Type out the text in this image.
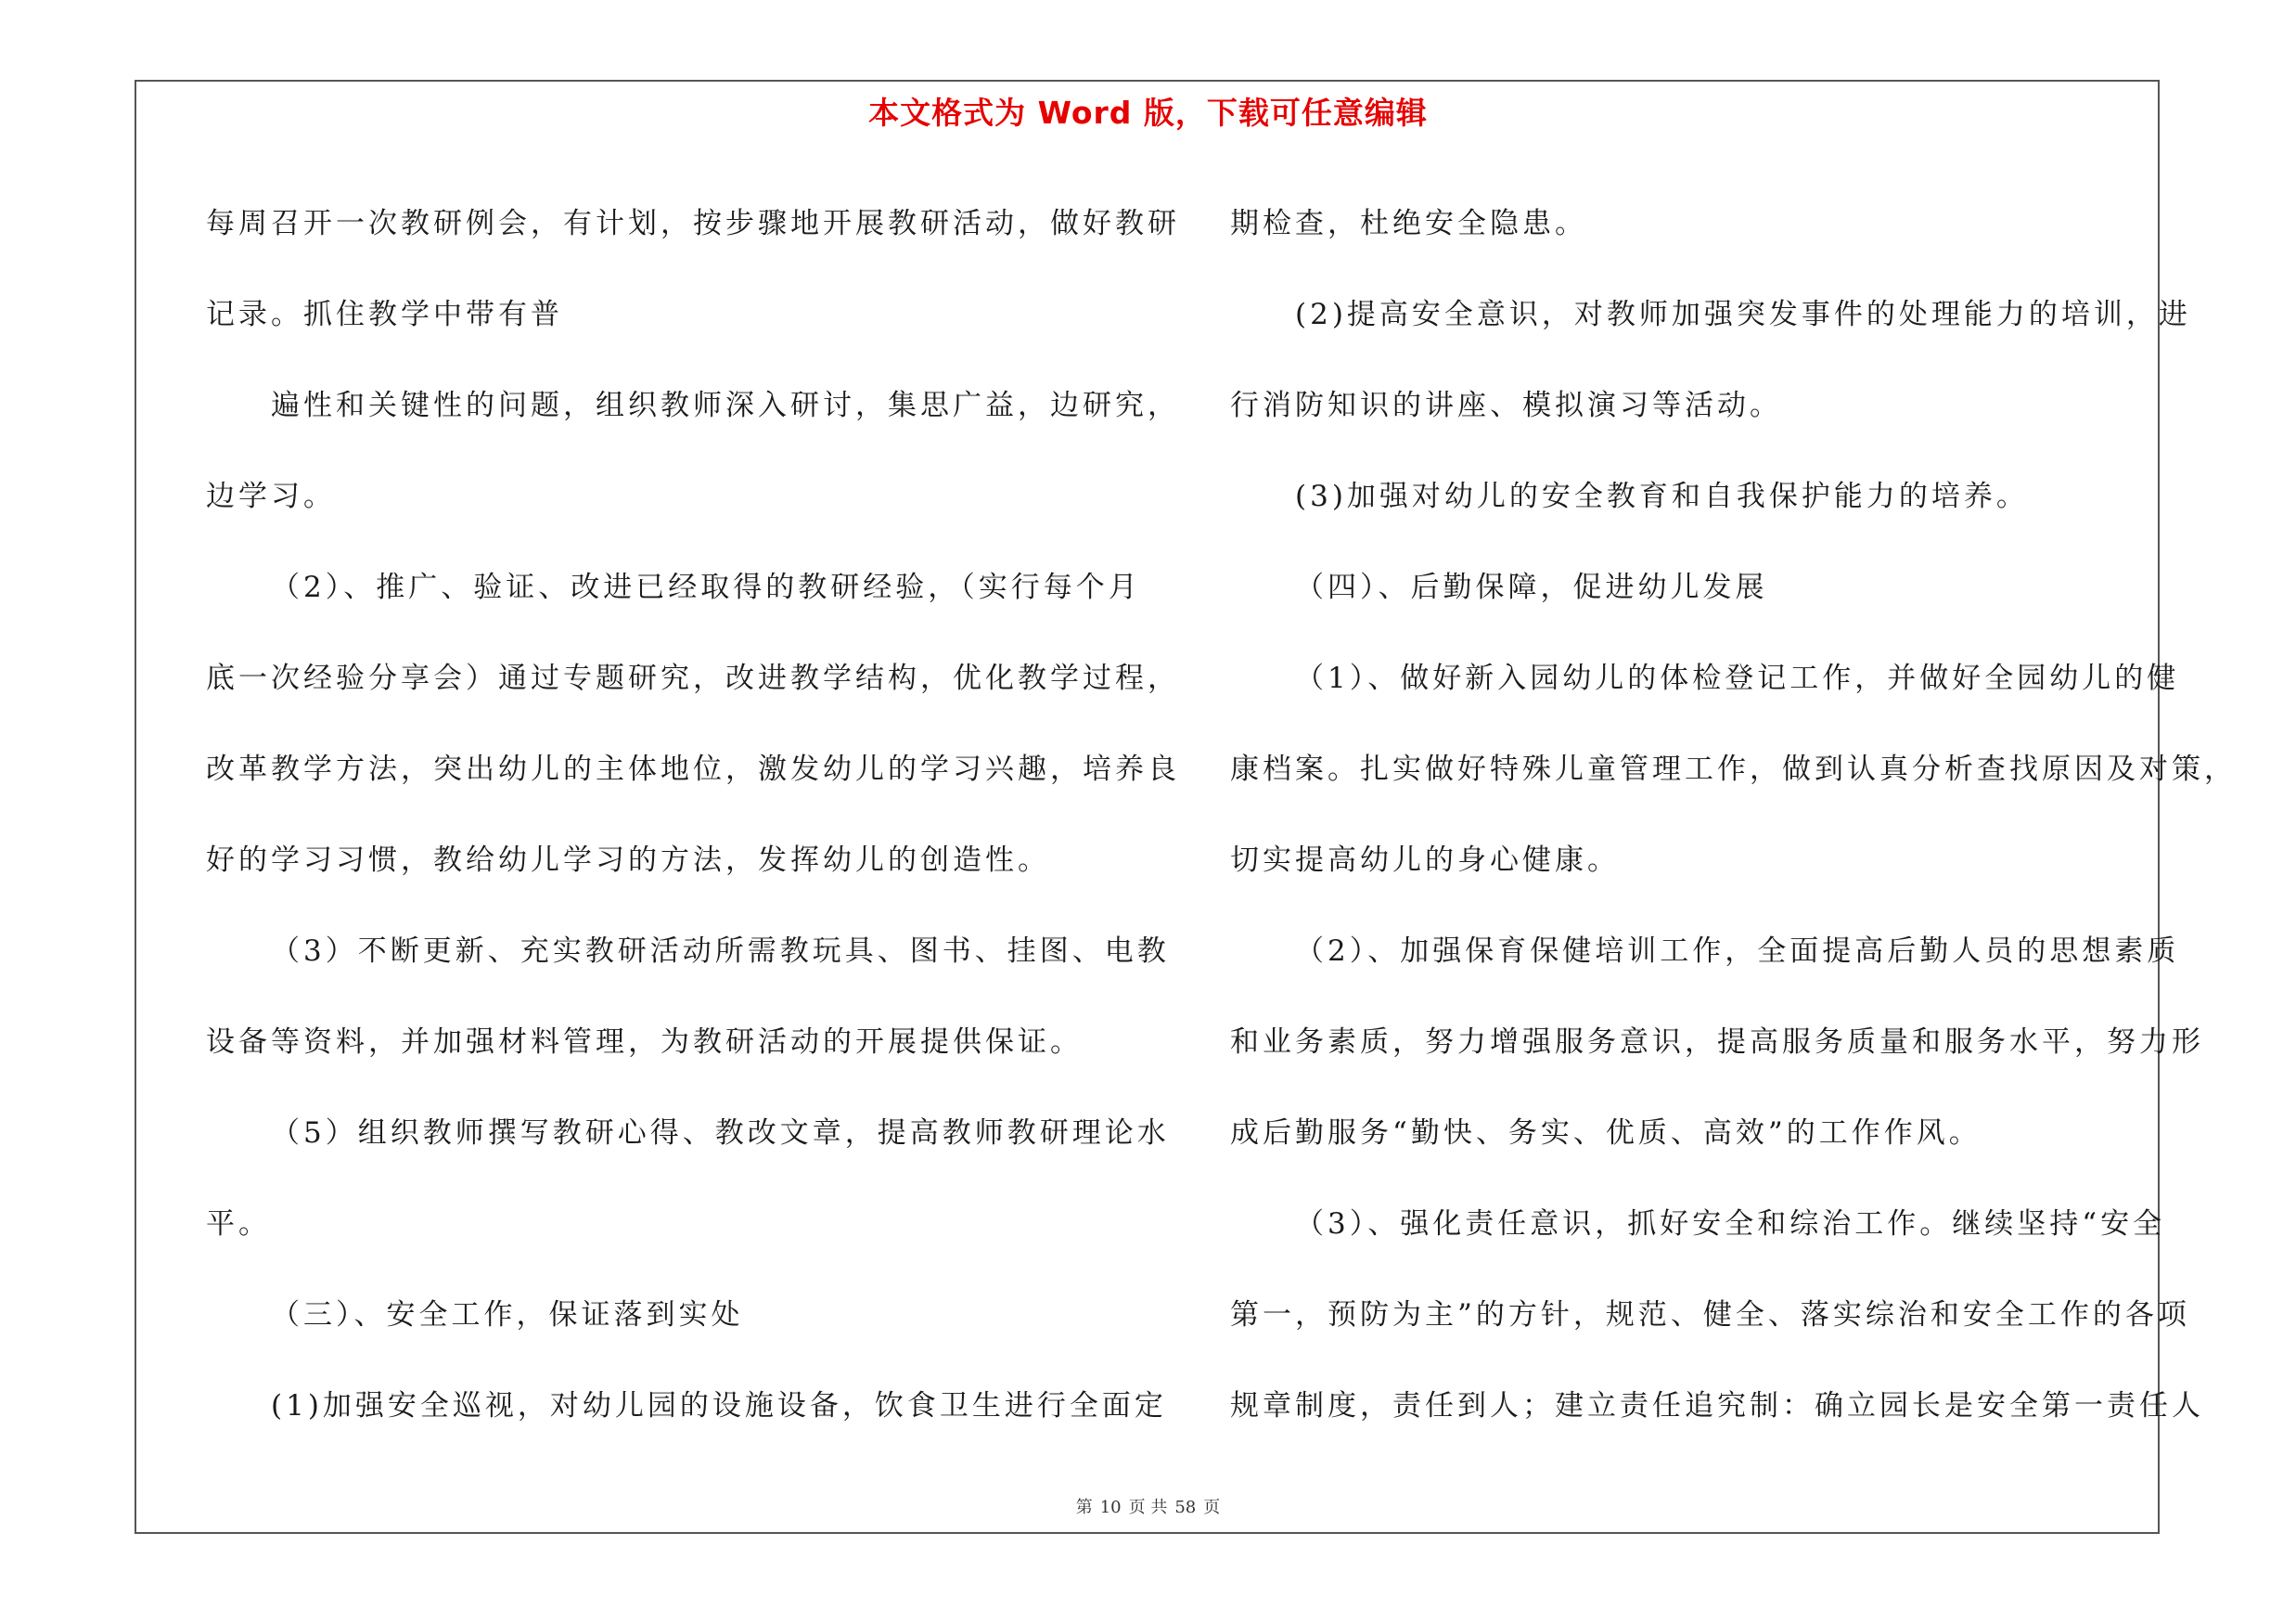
本文格式为 Word 版，下载可任意编辑

每周召开一次教研例会，有计划，按步骤地开展教研活动，做好教研

记录。抓住教学中带有普

遍性和关键性的问题，组织教师深入研讨，集思广益，边研究，

边学习。

（2）、推广、验证、改进已经取得的教研经验，（实行每个月

底一次经验分享会）通过专题研究，改进教学结构，优化教学过程，

改革教学方法，突出幼儿的主体地位，激发幼儿的学习兴趣，培养良

好的学习习惯，教给幼儿学习的方法，发挥幼儿的创造性。

（3）不断更新、充实教研活动所需教玩具、图书、挂图、电教

设备等资料，并加强材料管理，为教研活动的开展提供保证。

（5）组织教师撰写教研心得、教改文章，提高教师教研理论水

平。

（三）、安全工作，保证落到实处

(1)加强安全巡视，对幼儿园的设施设备，饮食卫生进行全面定

期检查，杜绝安全隐患。

(2)提高安全意识，对教师加强突发事件的处理能力的培训，进

行消防知识的讲座、模拟演习等活动。

(3)加强对幼儿的安全教育和自我保护能力的培养。

（四）、后勤保障，促进幼儿发展

（1）、做好新入园幼儿的体检登记工作，并做好全园幼儿的健

康档案。扎实做好特殊儿童管理工作，做到认真分析查找原因及对策，

切实提高幼儿的身心健康。

（2）、加强保育保健培训工作，全面提高后勤人员的思想素质

和业务素质，努力增强服务意识，提高服务质量和服务水平，努力形

成后勤服务“勤快、务实、优质、高效”的工作作风。

（3）、强化责任意识，抓好安全和综治工作。继续坚持“安全

第一，预防为主”的方针，规范、健全、落实综治和安全工作的各项

规章制度，责任到人；建立责任追究制：确立园长是安全第一责任人

第 10 页 共 58 页
